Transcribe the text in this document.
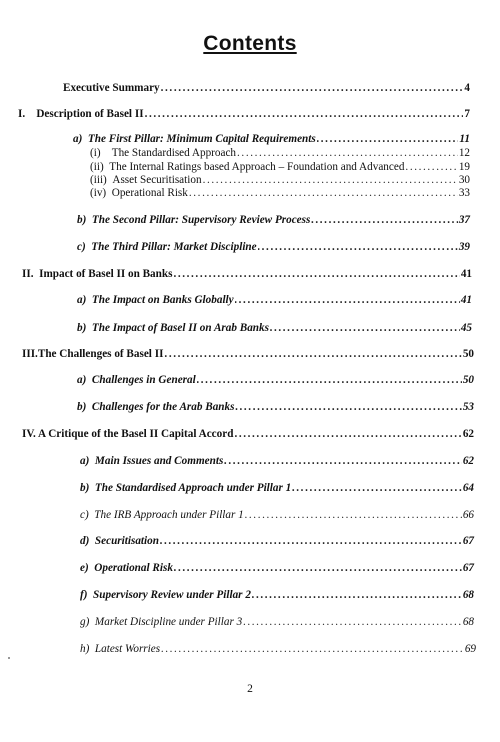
Contents
Executive Summary .....	4
I. Description of Basel II .....	7
a) The First Pillar: Minimum Capital Requirements .....	11
(i) The Standardised Approach .....	12
(ii) The Internal Ratings based Approach – Foundation and Advanced .....	19
(iii) Asset Securitisation .....	30
(iv) Operational Risk .....	33
b) The Second Pillar: Supervisory Review Process .....	37
c) The Third Pillar: Market Discipline .....	39
II. Impact of Basel II on Banks .....	41
a) The Impact on Banks Globally .....	41
b) The Impact of Basel II on Arab Banks .....	45
III.The Challenges of Basel II .....	50
a) Challenges in General .....	50
b) Challenges for the Arab Banks .....	53
IV. A Critique of the Basel II Capital Accord .....	62
a) Main Issues and Comments .....	62
b) The Standardised Approach under Pillar 1 .....	64
c) The IRB Approach under Pillar 1 .....	66
d) Securitisation .....	67
e) Operational Risk .....	67
f) Supervisory Review under Pillar 2 .....	68
g) Market Discipline under Pillar 3 .....	68
h) Latest Worries .....	69
2
